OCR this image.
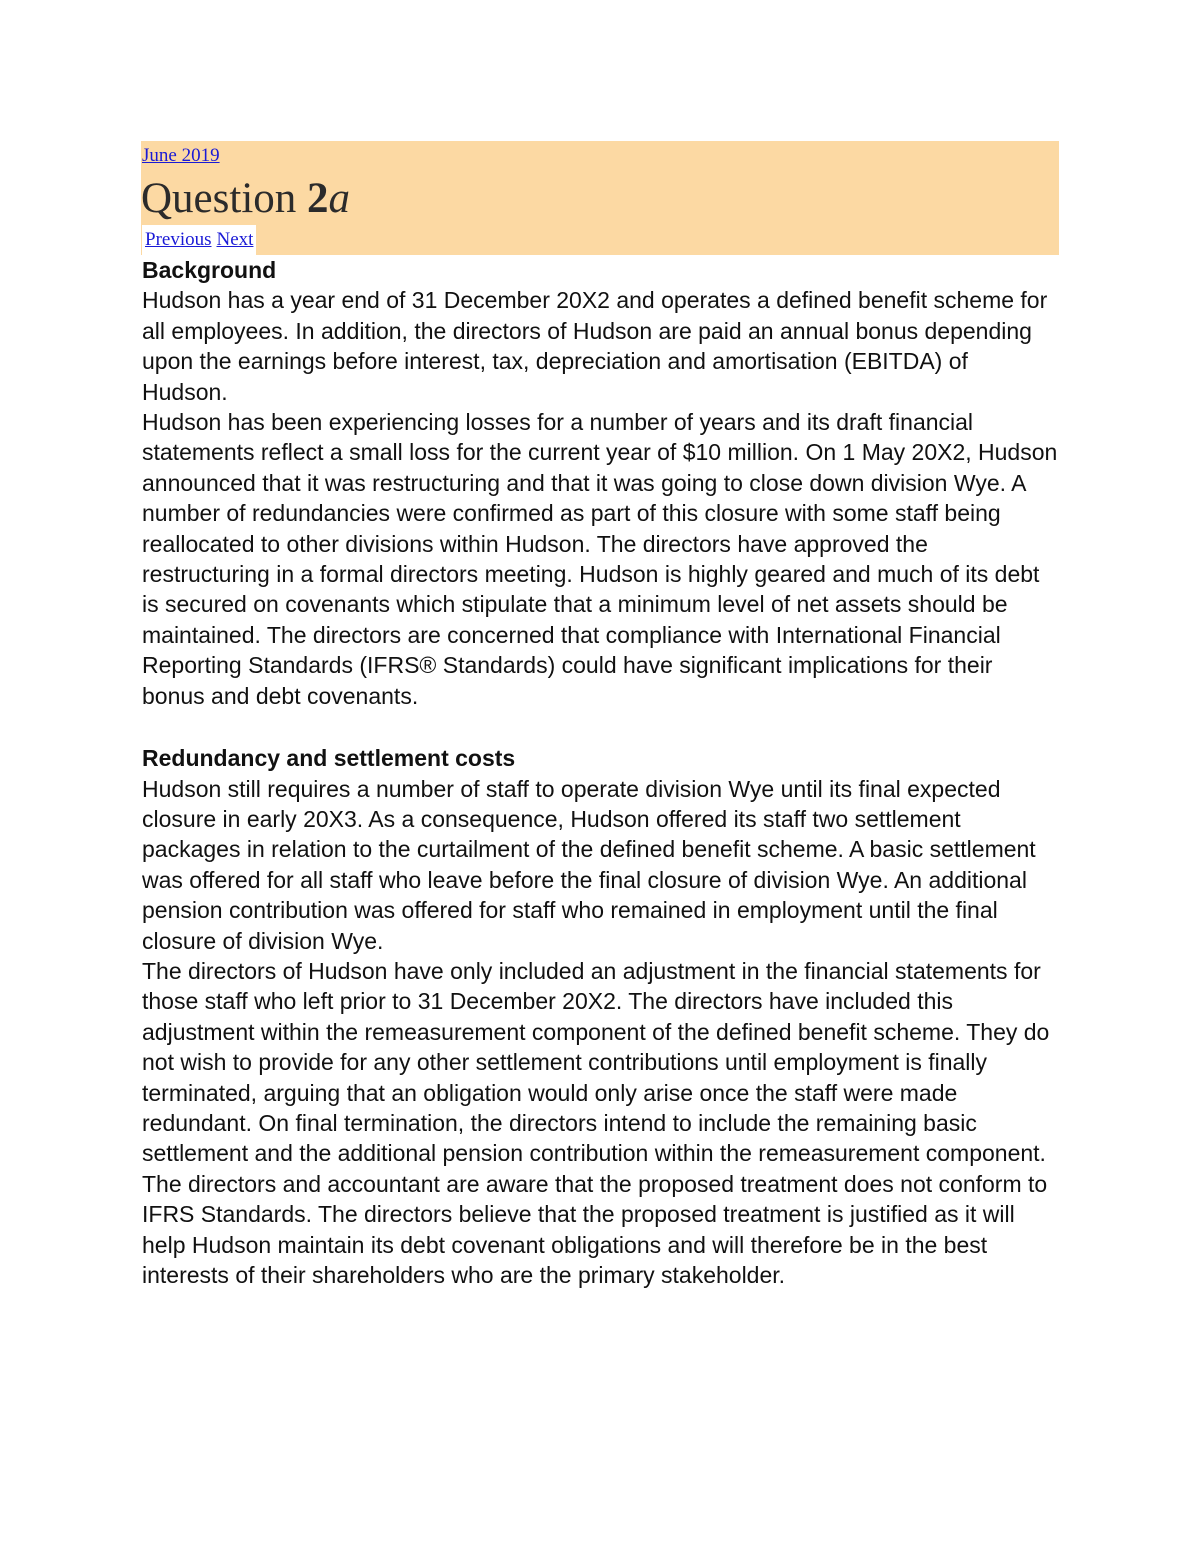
June 2019
Question 2a
Previous Next

Background

Hudson has a year end of 31 December 20X2 and operates a defined benefit scheme for all employees. In addition, the directors of Hudson are paid an annual bonus depending upon the earnings before interest, tax, depreciation and amortisation (EBITDA) of Hudson.

Hudson has been experiencing losses for a number of years and its draft financial statements reflect a small loss for the current year of $10 million. On 1 May 20X2, Hudson announced that it was restructuring and that it was going to close down division Wye. A number of redundancies were confirmed as part of this closure with some staff being reallocated to other divisions within Hudson. The directors have approved the restructuring in a formal directors meeting. Hudson is highly geared and much of its debt is secured on covenants which stipulate that a minimum level of net assets should be maintained. The directors are concerned that compliance with International Financial Reporting Standards (IFRS® Standards) could have significant implications for their bonus and debt covenants.

Redundancy and settlement costs

Hudson still requires a number of staff to operate division Wye until its final expected closure in early 20X3. As a consequence, Hudson offered its staff two settlement packages in relation to the curtailment of the defined benefit scheme. A basic settlement was offered for all staff who leave before the final closure of division Wye. An additional pension contribution was offered for staff who remained in employment until the final closure of division Wye.

The directors of Hudson have only included an adjustment in the financial statements for those staff who left prior to 31 December 20X2. The directors have included this adjustment within the remeasurement component of the defined benefit scheme. They do not wish to provide for any other settlement contributions until employment is finally terminated, arguing that an obligation would only arise once the staff were made redundant. On final termination, the directors intend to include the remaining basic settlement and the additional pension contribution within the remeasurement component. The directors and accountant are aware that the proposed treatment does not conform to IFRS Standards. The directors believe that the proposed treatment is justified as it will help Hudson maintain its debt covenant obligations and will therefore be in the best interests of their shareholders who are the primary stakeholder.
